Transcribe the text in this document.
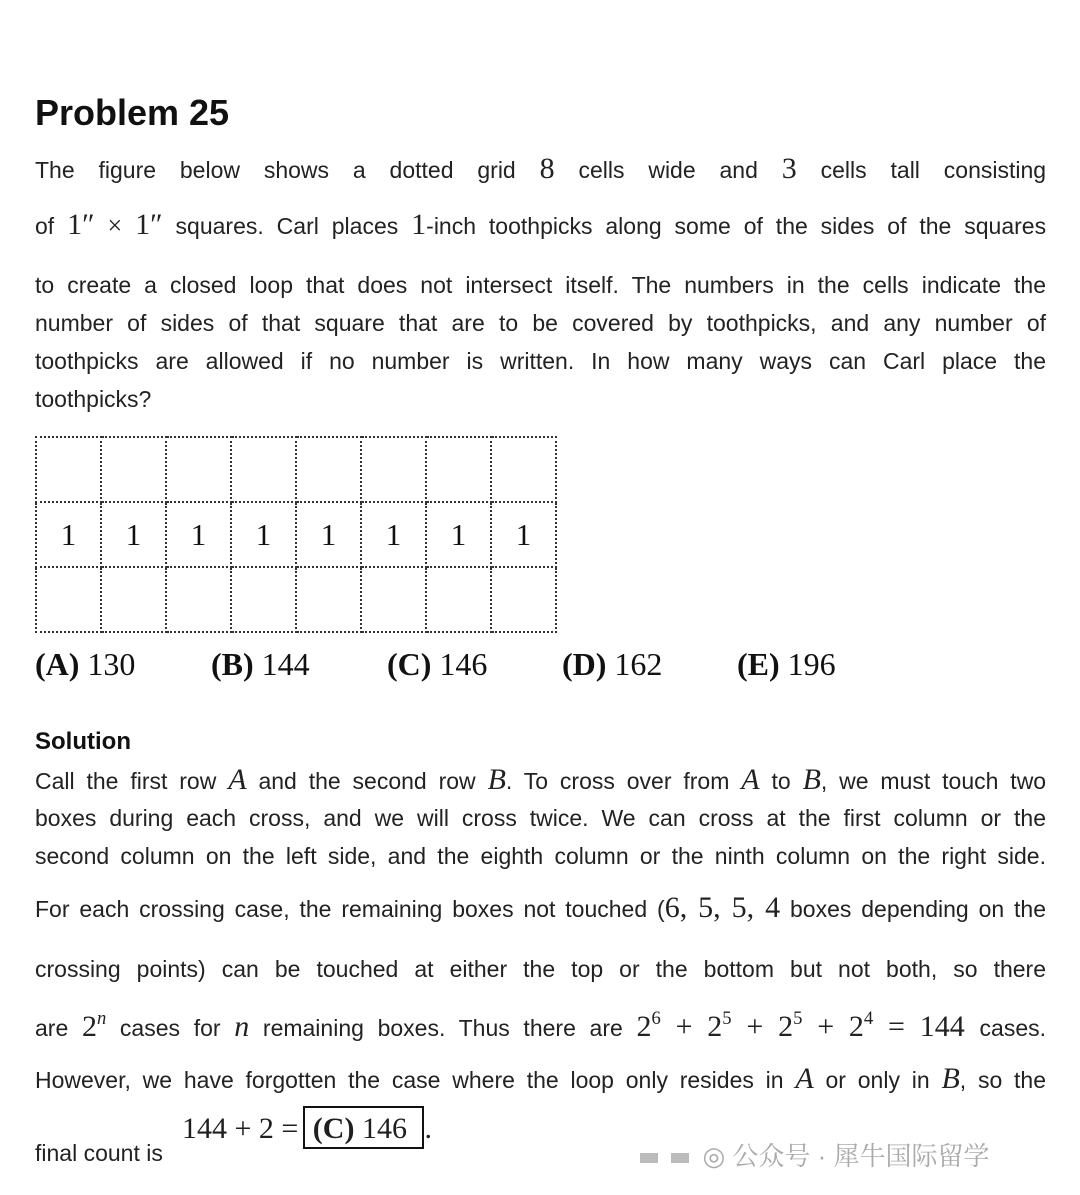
Problem 25
The figure below shows a dotted grid 8 cells wide and 3 cells tall consisting
of 1″ × 1″ squares. Carl places 1-inch toothpicks along some of the sides of the squares
to create a closed loop that does not intersect itself. The numbers in the cells indicate the
number of sides of that square that are to be covered by toothpicks, and any number of
toothpicks are allowed if no number is written. In how many ways can Carl place the
toothpicks?

1	1	1	1	1	1	1	1

(A) 130 (B) 144 (C) 146 (D) 162 (E) 196
Solution
Call the first row A and the second row B. To cross over from A to B, we must touch two
boxes during each cross, and we will cross twice. We can cross at the first column or the
second column on the left side, and the eighth column or the ninth column on the right side.
For each crossing case, the remaining boxes not touched (6, 5, 5, 4 boxes depending on the
crossing points) can be touched at either the top or the bottom but not both, so there
are 2$^n$ cases for n remaining boxes. Thus there are $2^6 + 2^5 + 2^5 + 2^4 = 144$ cases.
However, we have forgotten the case where the loop only resides in A or only in B, so the
final count is
144 + 2 = (C) 146 .
◎ 公众号 · 犀牛国际留学
